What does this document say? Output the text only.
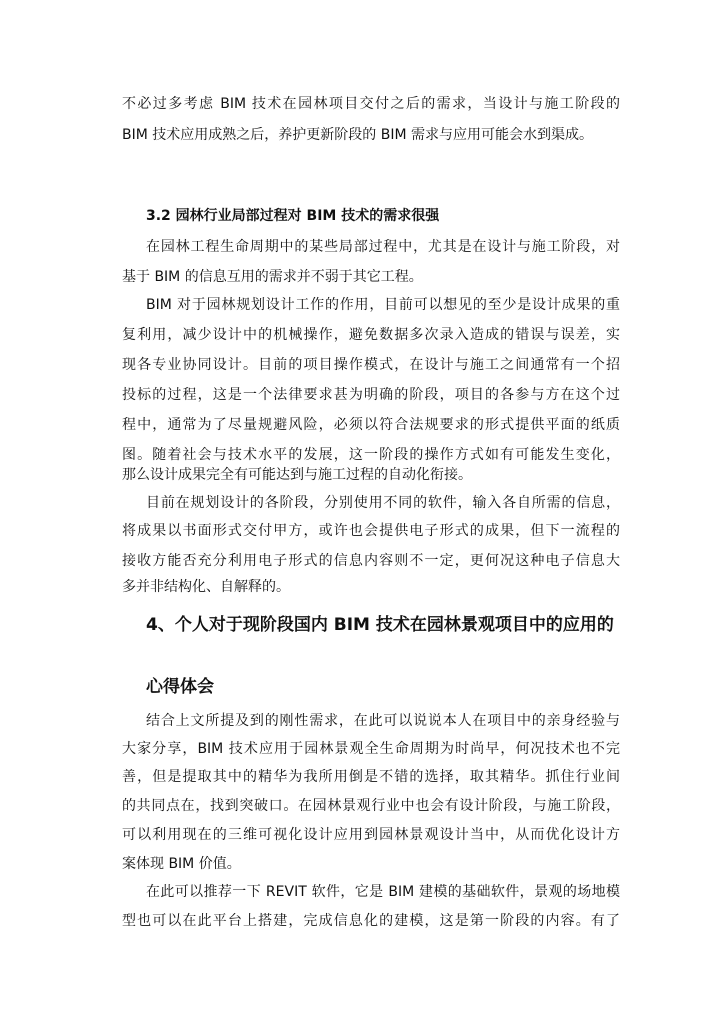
不必过多考虑 BIM 技术在园林项目交付之后的需求，当设计与施工阶段的
BIM 技术应用成熟之后，养护更新阶段的 BIM 需求与应用可能会水到渠成。
3.2 园林行业局部过程对 BIM 技术的需求很强
在园林工程生命周期中的某些局部过程中，尤其是在设计与施工阶段，对
基于 BIM 的信息互用的需求并不弱于其它工程。
BIM 对于园林规划设计工作的作用，目前可以想见的至少是设计成果的重
复利用，减少设计中的机械操作，避免数据多次录入造成的错误与误差，实
现各专业协同设计。目前的项目操作模式，在设计与施工之间通常有一个招
投标的过程，这是一个法律要求甚为明确的阶段，项目的各参与方在这个过
程中，通常为了尽量规避风险，必须以符合法规要求的形式提供平面的纸质
图。随着社会与技术水平的发展，这一阶段的操作方式如有可能发生变化，
那么设计成果完全有可能达到与施工过程的自动化衔接。
目前在规划设计的各阶段，分别使用不同的软件，输入各自所需的信息，
将成果以书面形式交付甲方，或许也会提供电子形式的成果，但下一流程的
接收方能否充分利用电子形式的信息内容则不一定，更何况这种电子信息大
多并非结构化、自解释的。
4、个人对于现阶段国内 BIM 技术在园林景观项目中的应用的
心得体会
结合上文所提及到的刚性需求，在此可以说说本人在项目中的亲身经验与
大家分享，BIM 技术应用于园林景观全生命周期为时尚早，何况技术也不完
善，但是提取其中的精华为我所用倒是不错的选择，取其精华。抓住行业间
的共同点在，找到突破口。在园林景观行业中也会有设计阶段，与施工阶段，
可以利用现在的三维可视化设计应用到园林景观设计当中，从而优化设计方
案体现 BIM 价值。
在此可以推荐一下 REVIT 软件，它是 BIM 建模的基础软件，景观的场地模
型也可以在此平台上搭建，完成信息化的建模，这是第一阶段的内容。有了
